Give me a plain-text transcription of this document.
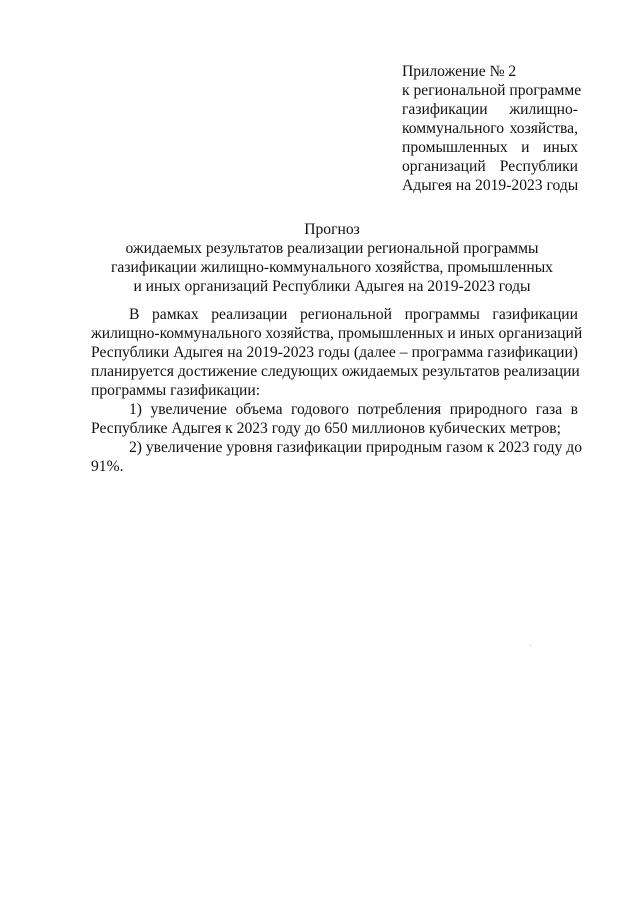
Приложение № 2
к региональной программе
газификации жилищно-
коммунального хозяйства,
промышленных и иных
организаций Республики
Адыгея на 2019-2023 годы
Прогноз
ожидаемых результатов реализации региональной программы
газификации жилищно-коммунального хозяйства, промышленных
и иных организаций Республики Адыгея на 2019-2023 годы
В рамках реализации региональной программы газификации
жилищно-коммунального хозяйства, промышленных и иных организаций
Республики Адыгея на 2019-2023 годы (далее – программа газификации)
планируется достижение следующих ожидаемых результатов реализации
программы газификации:
1) увеличение объема годового потребления природного газа в
Республике Адыгея к 2023 году до 650 миллионов кубических метров;
2) увеличение уровня газификации природным газом к 2023 году до
91%.
